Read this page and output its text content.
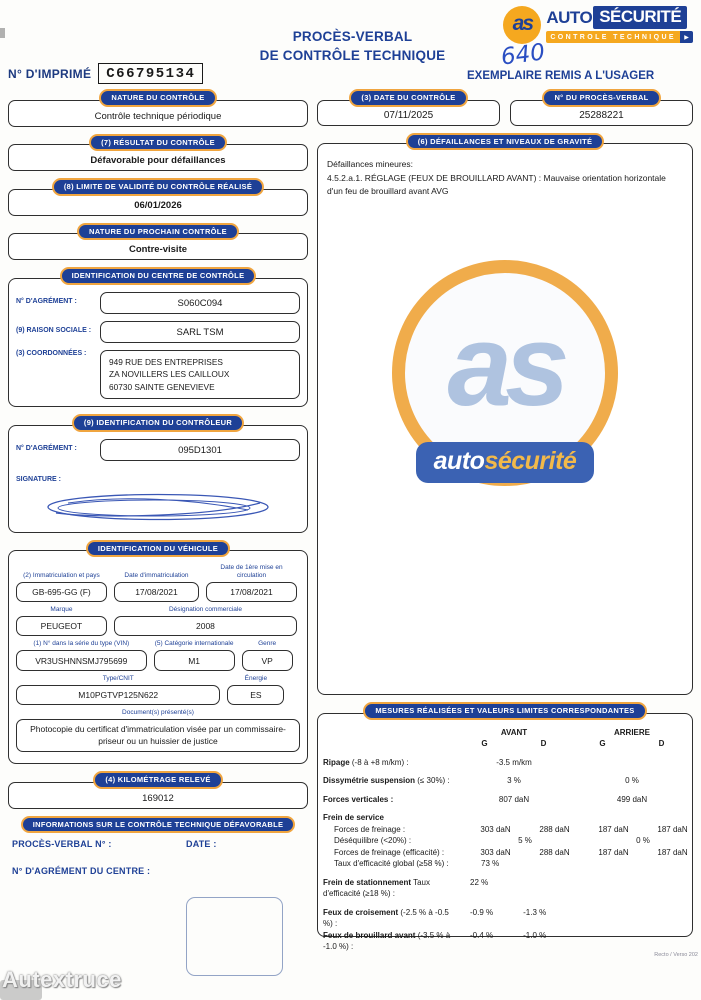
N° D'IMPRIMÉ	C66795134
PROCÈS-VERBAL
DE CONTRÔLE TECHNIQUE
as AUTO SÉCURITÉ
CONTROLE TECHNIQUE	▶
640
EXEMPLAIRE REMIS A L'USAGER
NATURE DU CONTRÔLE
Contrôle technique périodique
(7) RÉSULTAT DU CONTRÔLE
Défavorable pour défaillances
(8) LIMITE DE VALIDITÉ DU CONTRÔLE RÉALISÉ
06/01/2026
NATURE DU PROCHAIN CONTRÔLE
Contre-visite
IDENTIFICATION DU CENTRE DE CONTRÔLE
N° D'AGRÉMENT :	S060C094
(9) RAISON SOCIALE :	SARL TSM
(3) COORDONNÉES :
949 RUE DES ENTREPRISES
ZA NOVILLERS LES CAILLOUX
60730 SAINTE GENEVIEVE
(9) IDENTIFICATION DU CONTRÔLEUR
N° D'AGRÉMENT :	095D1301
SIGNATURE :
IDENTIFICATION DU VÉHICULE
(2) Immatriculation et pays	Date d'immatriculation
Date de 1ère mise en circulation
GB-695-GG (F)	17/08/2021	17/08/2021
Marque	Désignation commerciale
PEUGEOT	2008
(1) N° dans la série du type (VIN)	(5) Catégorie internationale	Genre
VR3USHNNSMJ795699	M1	VP
Type/CNIT	Énergie
M10PGTVP125N622	ES
Document(s) présenté(s)
Photocopie du certificat d'immatriculation visée par un commissaire-priseur ou un huissier de justice
(4) KILOMÉTRAGE RELEVÉ
169012
INFORMATIONS SUR LE CONTRÔLE TECHNIQUE DÉFAVORABLE
PROCÈS-VERBAL N° :	DATE :
N° D'AGRÉMENT DU CENTRE :
(3) DATE DU CONTRÔLE
07/11/2025
N° DU PROCÈS-VERBAL
25288221
(6) DÉFAILLANCES ET NIVEAUX DE GRAVITÉ
Défaillances mineures:
4.5.2.a.1. RÉGLAGE (FEUX DE BROUILLARD AVANT) : Mauvaise orientation horizontale d'un feu de brouillard avant AVG
as
autosécurité
MESURES RÉALISÉES ET VALEURS LIMITES CORRESPONDANTES
AVANT	ARRIERE
G	D	G	D
Ripage (-8 à +8 m/km) :	-3.5 m/km
Dissymétrie suspension (≤ 30%) :	3 %	0 %
Forces verticales :	807 daN	499 daN
Frein de service
Forces de freinage :	303 daN	288 daN	187 daN	187 daN
Déséquilibre (<20%) :	5 %	0 %
Forces de freinage (efficacité) :	303 daN	288 daN	187 daN	187 daN
Taux d'efficacité global (≥58 %) :	73 %
Frein de stationnement Taux d'efficacité (≥18 %) :
22 %
Feux de croisement (-2.5 % à -0.5 %) :
-0.9 %	-1.3 %
Feux de brouillard avant (-3.5 % à -1.0 %) :
-0.4 %	-1.0 %
Recto / Verso 202
Autextruce
